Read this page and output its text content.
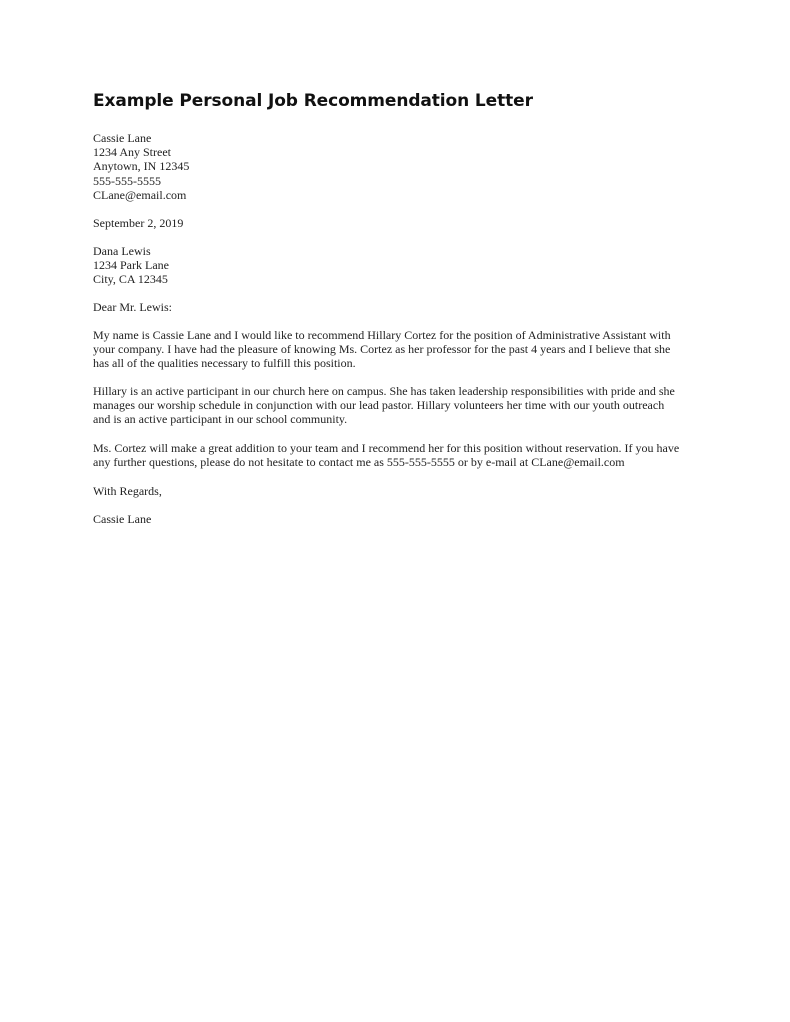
Example Personal Job Recommendation Letter
Cassie Lane
1234 Any Street
Anytown, IN 12345
555-555-5555
CLane@email.com
September 2, 2019
Dana Lewis
1234 Park Lane
City, CA 12345
Dear Mr. Lewis:
My name is Cassie Lane and I would like to recommend Hillary Cortez for the position of Administrative Assistant with
your company. I have had the pleasure of knowing Ms. Cortez as her professor for the past 4 years and I believe that she
has all of the qualities necessary to fulfill this position.
Hillary is an active participant in our church here on campus. She has taken leadership responsibilities with pride and she
manages our worship schedule in conjunction with our lead pastor. Hillary volunteers her time with our youth outreach
and is an active participant in our school community.
Ms. Cortez will make a great addition to your team and I recommend her for this position without reservation. If you have
any further questions, please do not hesitate to contact me as 555-555-5555 or by e-mail at CLane@email.com
With Regards,
Cassie Lane
